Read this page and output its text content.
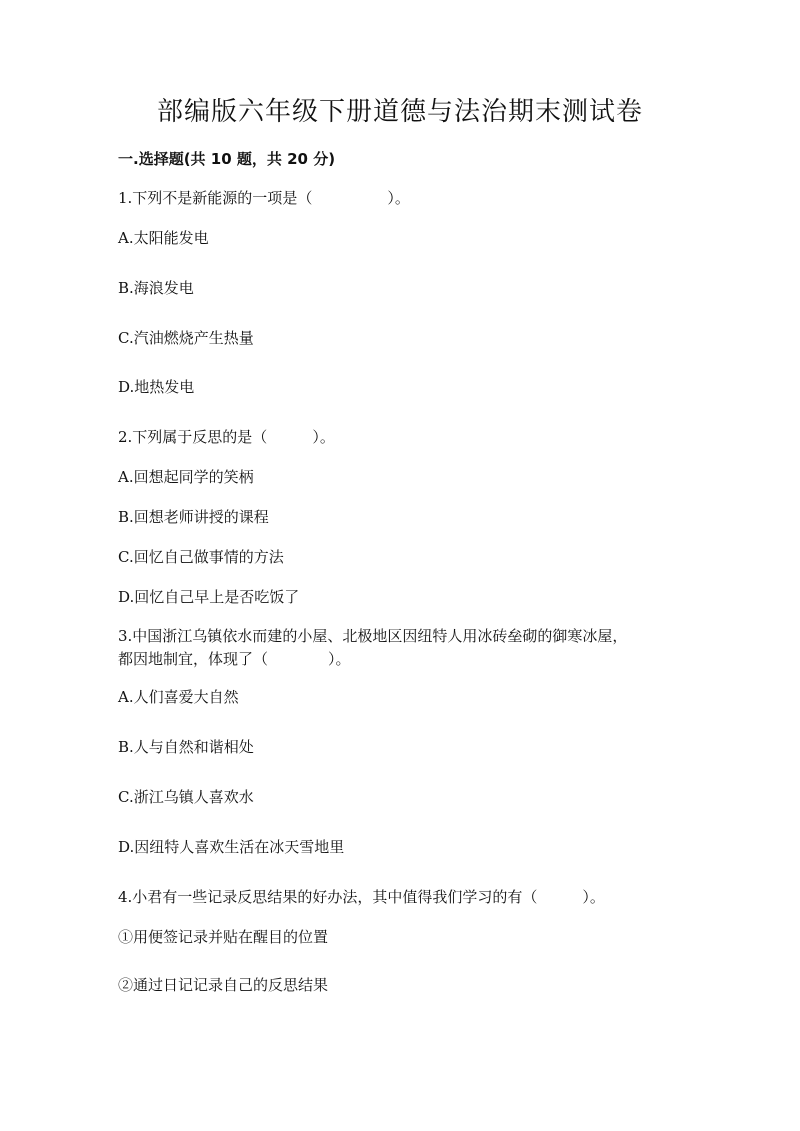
部编版六年级下册道德与法治期末测试卷
一.选择题(共 10 题，共 20 分)
1.下列不是新能源的一项是（　　　　　）。
A.太阳能发电
B.海浪发电
C.汽油燃烧产生热量
D.地热发电
2.下列属于反思的是（　　　）。
A.回想起同学的笑柄
B.回想老师讲授的课程
C.回忆自己做事情的方法
D.回忆自己早上是否吃饭了
3.中国浙江乌镇依水而建的小屋、北极地区因纽特人用冰砖垒砌的御寒冰屋，
都因地制宜，体现了（　　　　）。
A.人们喜爱大自然
B.人与自然和谐相处
C.浙江乌镇人喜欢水
D.因纽特人喜欢生活在冰天雪地里
4.小君有一些记录反思结果的好办法，其中值得我们学习的有（　　　）。
①用便签记录并贴在醒目的位置
②通过日记记录自己的反思结果
